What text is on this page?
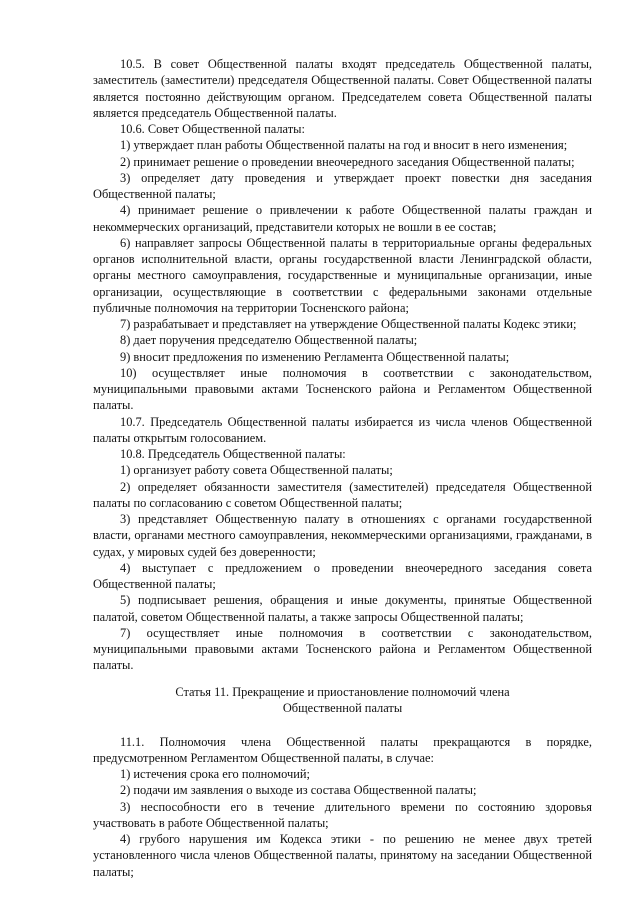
10.5. В совет Общественной палаты входят председатель Общественной палаты, заместитель (заместители) председателя Общественной палаты. Совет Общественной палаты является постоянно действующим органом. Председателем совета Общественной палаты является председатель Общественной палаты.

10.6. Совет Общественной палаты:

1) утверждает план работы Общественной палаты на год и вносит в него изменения;

2) принимает решение о проведении внеочередного заседания Общественной палаты;

3) определяет дату проведения и утверждает проект повестки дня заседания Общественной палаты;

4) принимает решение о привлечении к работе Общественной палаты граждан и некоммерческих организаций, представители которых не вошли в ее состав;

6) направляет запросы Общественной палаты в территориальные органы федеральных органов исполнительной власти, органы государственной власти Ленинградской области, органы местного самоуправления, государственные и муниципальные организации, иные организации, осуществляющие в соответствии с федеральными законами отдельные публичные полномочия на территории Тосненского района;

7) разрабатывает и представляет на утверждение Общественной палаты Кодекс этики;

8) дает поручения председателю Общественной палаты;

9) вносит предложения по изменению Регламента Общественной палаты;

10) осуществляет иные полномочия в соответствии с законодательством, муниципальными правовыми актами Тосненского района и Регламентом Общественной палаты.

10.7. Председатель Общественной палаты избирается из числа членов Общественной палаты открытым голосованием.

10.8. Председатель Общественной палаты:

1) организует работу совета Общественной палаты;

2) определяет обязанности заместителя (заместителей) председателя Общественной палаты по согласованию с советом Общественной палаты;

3) представляет Общественную палату в отношениях с органами государственной власти, органами местного самоуправления, некоммерческими организациями, гражданами, в судах, у мировых судей без доверенности;

4) выступает с предложением о проведении внеочередного заседания совета Общественной палаты;

5) подписывает решения, обращения и иные документы, принятые Общественной палатой, советом Общественной палаты, а также запросы Общественной палаты;

7) осуществляет иные полномочия в соответствии с законодательством, муниципальными правовыми актами Тосненского района и Регламентом Общественной палаты.

Статья 11. Прекращение и приостановление полномочий члена
Общественной палаты

11.1. Полномочия члена Общественной палаты прекращаются в порядке, предусмотренном Регламентом Общественной палаты, в случае:

1) истечения срока его полномочий;

2) подачи им заявления о выходе из состава Общественной палаты;

3) неспособности его в течение длительного времени по состоянию здоровья участвовать в работе Общественной палаты;

4) грубого нарушения им Кодекса этики - по решению не менее двух третей установленного числа членов Общественной палаты, принятому на заседании Общественной палаты;
